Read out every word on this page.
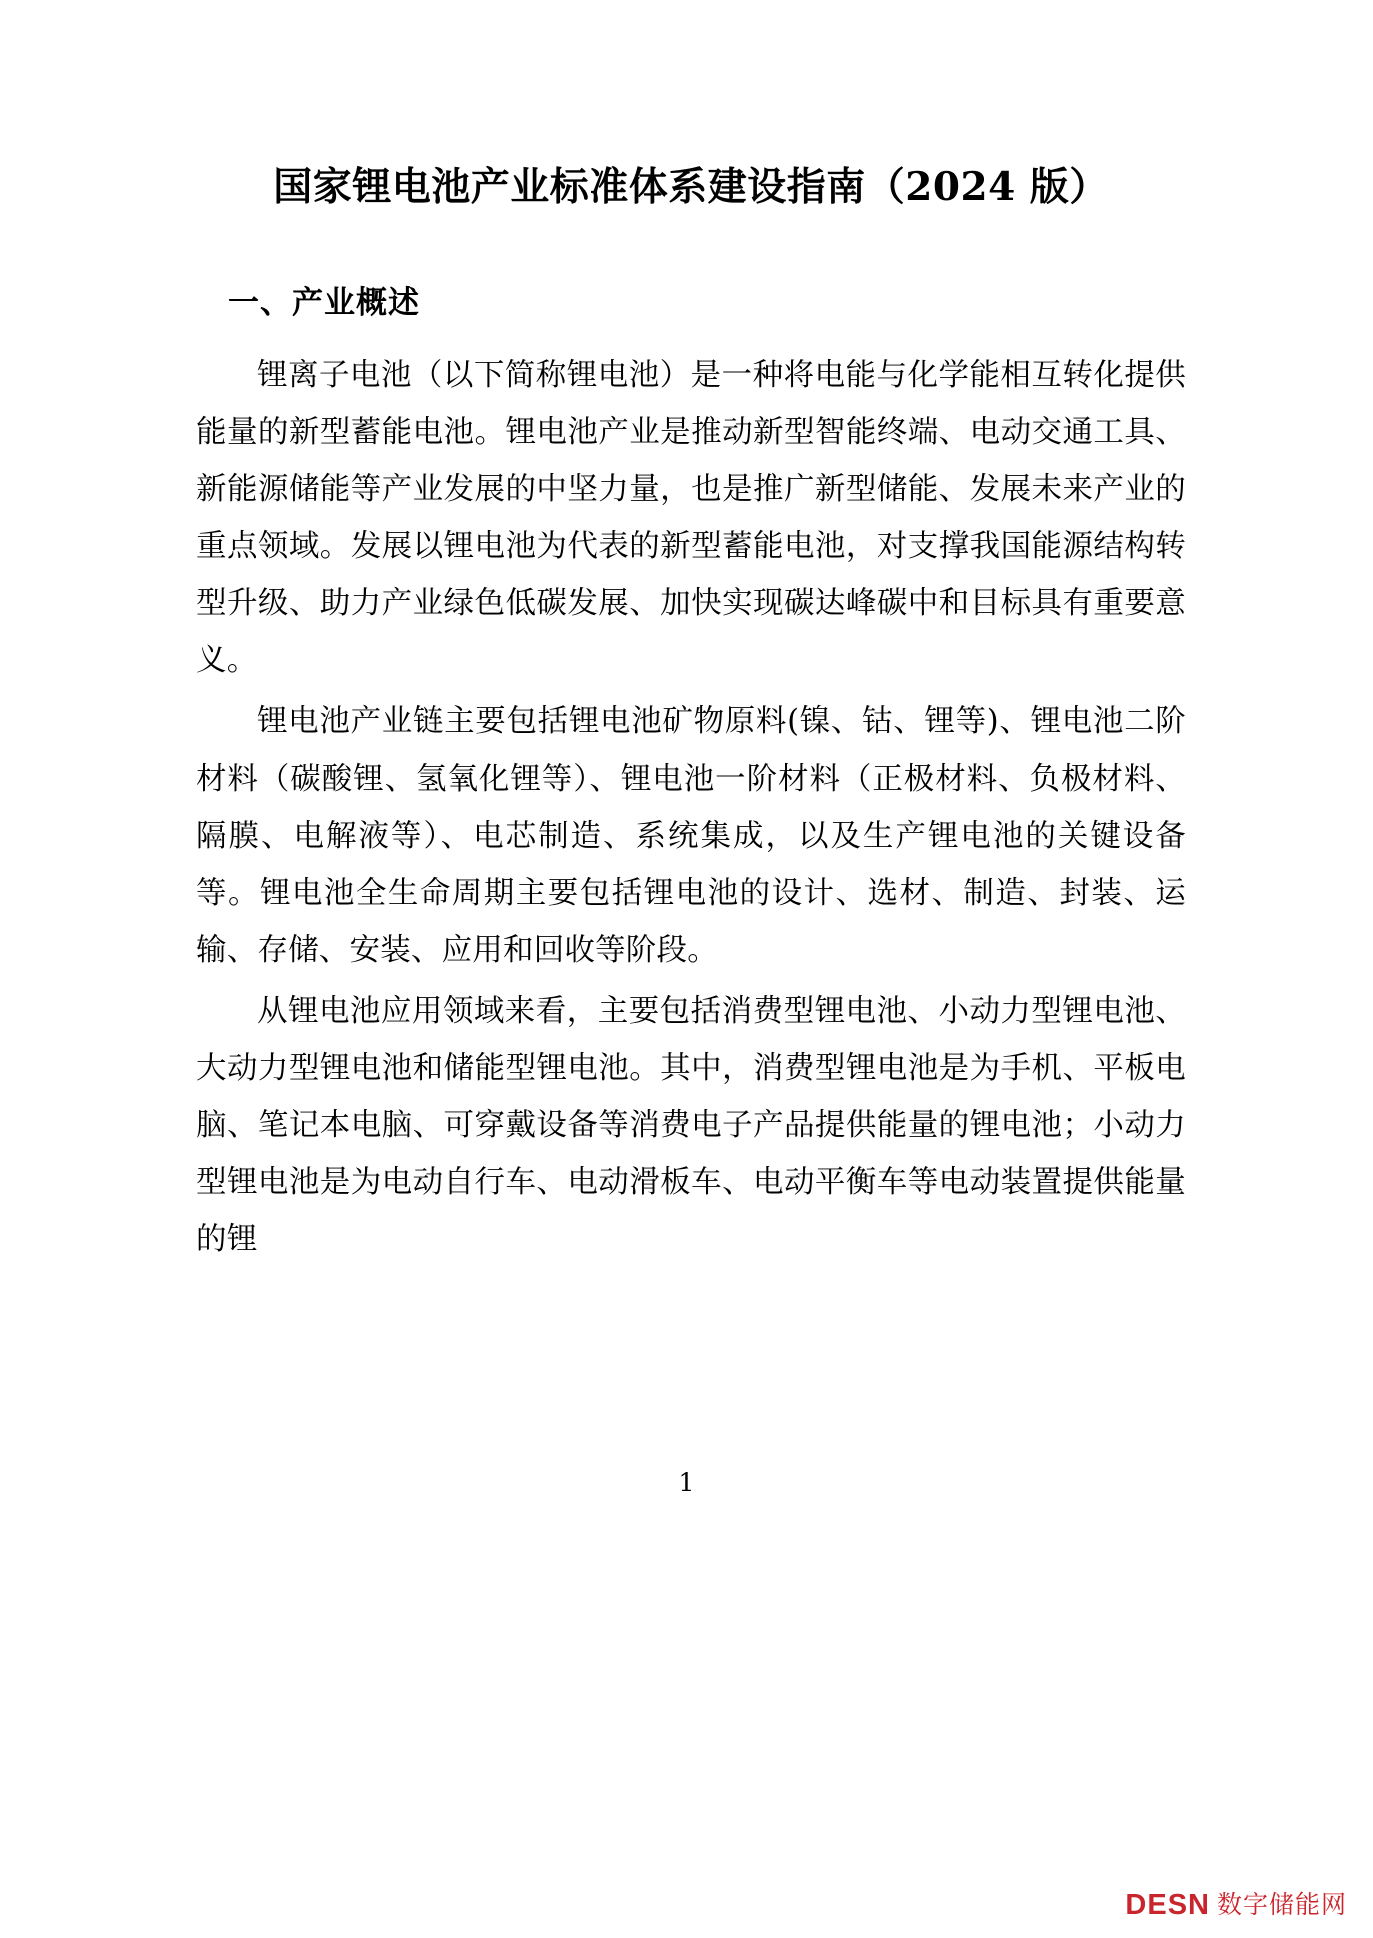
国家锂电池产业标准体系建设指南（2024 版）
一、产业概述

锂离子电池（以下简称锂电池）是一种将电能与化学能相互转化提供能量的新型蓄能电池。锂电池产业是推动新型智能终端、电动交通工具、新能源储能等产业发展的中坚力量，也是推广新型储能、发展未来产业的重点领域。发展以锂电池为代表的新型蓄能电池，对支撑我国能源结构转型升级、助力产业绿色低碳发展、加快实现碳达峰碳中和目标具有重要意义。

锂电池产业链主要包括锂电池矿物原料(镍、钴、锂等)、锂电池二阶材料（碳酸锂、氢氧化锂等）、锂电池一阶材料（正极材料、负极材料、隔膜、电解液等）、电芯制造、系统集成，以及生产锂电池的关键设备等。锂电池全生命周期主要包括锂电池的设计、选材、制造、封装、运输、存储、安装、应用和回收等阶段。

从锂电池应用领域来看，主要包括消费型锂电池、小动力型锂电池、大动力型锂电池和储能型锂电池。其中，消费型锂电池是为手机、平板电脑、笔记本电脑、可穿戴设备等消费电子产品提供能量的锂电池；小动力型锂电池是为电动自行车、电动滑板车、电动平衡车等电动装置提供能量的锂

1
DESN 数字储能网
